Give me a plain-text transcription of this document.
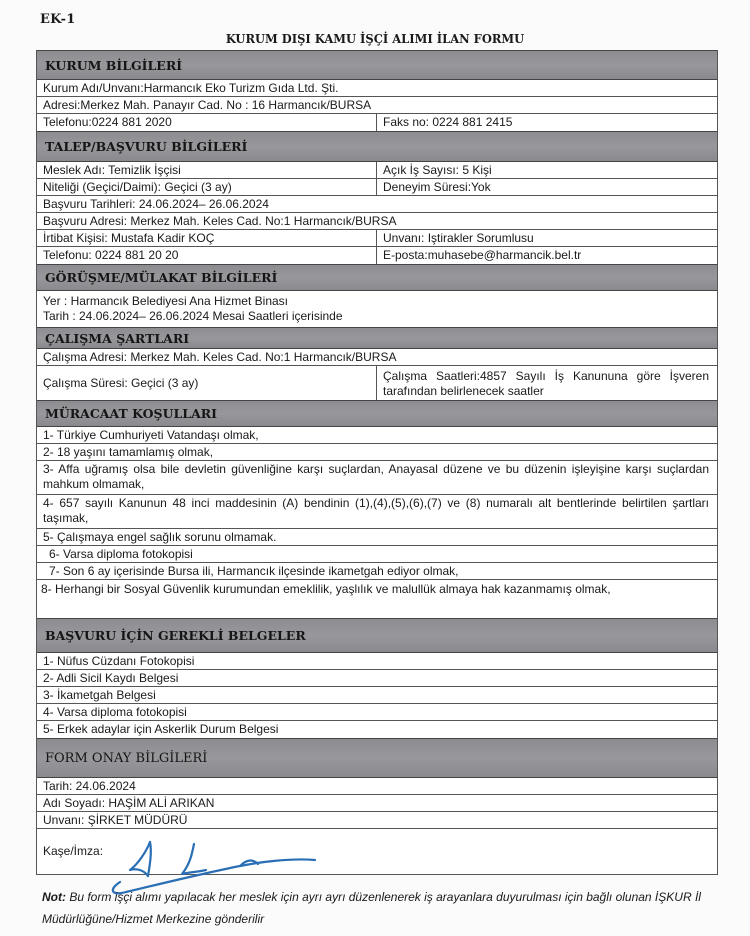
EK-1
KURUM DIŞI KAMU İŞÇİ ALIMI İLAN FORMU
KURUM BİLGİLERİ
Kurum Adı/Unvanı:Harmancık Eko Turizm Gıda Ltd. Şti.
Adresi:Merkez Mah. Panayır Cad. No : 16 Harmancık/BURSA
Telefonu:0224 881 2020	Faks no: 0224 881 2415
TALEP/BAŞVURU BİLGİLERİ
Meslek Adı: Temizlik İşçisi	Açık İş Sayısı: 5 Kişi
Niteliği (Geçici/Daimi): Geçici (3 ay)	Deneyim Süresi:Yok
Başvuru Tarihleri: 24.06.2024– 26.06.2024
Başvuru Adresi: Merkez Mah. Keles Cad. No:1 Harmancık/BURSA
İrtibat Kişisi: Mustafa Kadir KOÇ	Unvanı: Iştirakler Sorumlusu
Telefonu: 0224 881 20 20	E-posta:muhasebe@harmancik.bel.tr
GÖRÜŞME/MÜLAKAT BİLGİLERİ
Yer : Harmancık Belediyesi Ana Hizmet Binası
Tarih : 24.06.2024– 26.06.2024 Mesai Saatleri içerisinde
ÇALIŞMA ŞARTLARI
Çalışma Adresi: Merkez Mah. Keles Cad. No:1 Harmancık/BURSA
Çalışma Süresi: Geçici (3 ay)	Çalışma Saatleri:4857 Sayılı İş Kanununa göre İşveren tarafından belirlenecek saatler
MÜRACAAT KOŞULLARI
1- Türkiye Cumhuriyeti Vatandaşı olmak,
2- 18 yaşını tamamlamış olmak,
3- Affa uğramış olsa bile devletin güvenliğine karşı suçlardan, Anayasal düzene ve bu düzenin işleyişine karşı suçlardan mahkum olmamak,
4- 657 sayılı Kanunun 48 inci maddesinin (A) bendinin (1),(4),(5),(6),(7) ve (8) numaralı alt bentlerinde belirtilen şartları taşımak,
5- Çalışmaya engel sağlık sorunu olmamak.
6- Varsa diploma fotokopisi
7- Son 6 ay içerisinde Bursa ili, Harmancık ilçesinde ikametgah ediyor olmak,
8- Herhangi bir Sosyal Güvenlik kurumundan emeklilik, yaşlılık ve malullük almaya hak kazanmamış olmak,
BAŞVURU İÇİN GEREKLİ BELGELER
1- Nüfus Cüzdanı Fotokopisi
2- Adli Sicil Kaydı Belgesi
3- İkametgah Belgesi
4- Varsa diploma fotokopisi
5- Erkek adaylar için Askerlik Durum Belgesi
FORM ONAY BİLGİLERİ
Tarih: 24.06.2024
Adı Soyadı: HAŞİM ALİ ARIKAN
Unvanı: ŞİRKET MÜDÜRÜ
Kaşe/İmza:
Not: Bu form işçi alımı yapılacak her meslek için ayrı ayrı düzenlenerek iş arayanlara duyurulması için bağlı olunan İŞKUR İl Müdürlüğüne/Hizmet Merkezine gönderilir
